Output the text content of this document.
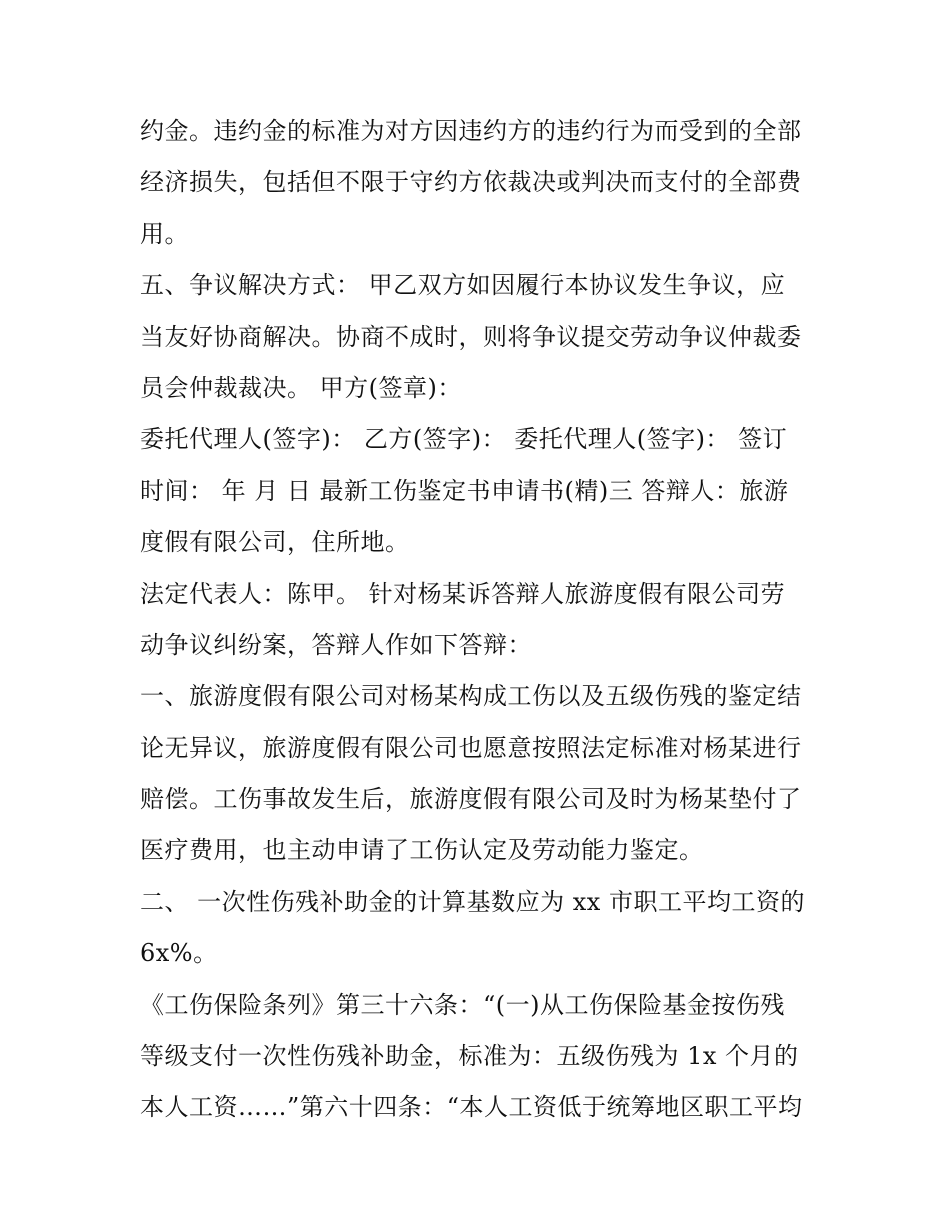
约金。违约金的标准为对方因违约方的违约行为而受到的全部
经济损失，包括但不限于守约方依裁决或判决而支付的全部费
用。
五、争议解决方式： 甲乙双方如因履行本协议发生争议，应
当友好协商解决。协商不成时，则将争议提交劳动争议仲裁委
员会仲裁裁决。 甲方(签章)：
委托代理人(签字)： 乙方(签字)： 委托代理人(签字)： 签订
时间： 年 月 日 最新工伤鉴定书申请书(精)三 答辩人：旅游
度假有限公司，住所地。
法定代表人：陈甲。 针对杨某诉答辩人旅游度假有限公司劳
动争议纠纷案，答辩人作如下答辩：
一、旅游度假有限公司对杨某构成工伤以及五级伤残的鉴定结
论无异议，旅游度假有限公司也愿意按照法定标准对杨某进行
赔偿。工伤事故发生后，旅游度假有限公司及时为杨某垫付了
医疗费用，也主动申请了工伤认定及劳动能力鉴定。
二、 一次性伤残补助金的计算基数应为 xx 市职工平均工资的
6x%。
《工伤保险条列》第三十六条：“(一)从工伤保险基金按伤残
等级支付一次性伤残补助金，标准为：五级伤残为 1x 个月的
本人工资……”第六十四条：“本人工资低于统筹地区职工平均
